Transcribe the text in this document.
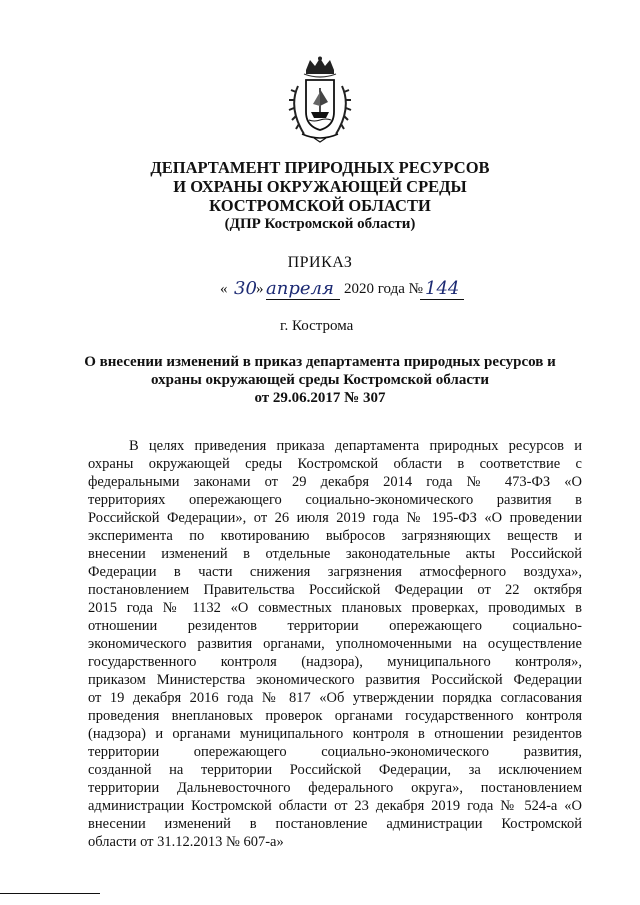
ДЕПАРТАМЕНТ ПРИРОДНЫХ РЕСУРСОВ
И ОХРАНЫ ОКРУЖАЮЩЕЙ СРЕДЫ
КОСТРОМСКОЙ ОБЛАСТИ
(ДПР Костромской области)
ПРИКАЗ
« 30 » апреля 2020 года № 144
г. Кострома
О внесении изменений в приказ департамента природных ресурсов и
охраны окружающей среды Костромской области
от 29.06.2017 № 307
В целях приведения приказа департамента природных ресурсов и
охраны окружающей среды Костромской области в соответствие с
федеральными законами от 29 декабря 2014 года № 473-ФЗ «О
территориях опережающего социально-экономического развития в
Российской Федерации», от 26 июля 2019 года № 195-ФЗ «О проведении
эксперимента по квотированию выбросов загрязняющих веществ и
внесении изменений в отдельные законодательные акты Российской
Федерации в части снижения загрязнения атмосферного воздуха»,
постановлением Правительства Российской Федерации от 22 октября
2015 года № 1132 «О совместных плановых проверках, проводимых в
отношении резидентов территории опережающего социально-
экономического развития органами, уполномоченными на осуществление
государственного контроля (надзора), муниципального контроля»,
приказом Министерства экономического развития Российской Федерации
от 19 декабря 2016 года № 817 «Об утверждении порядка согласования
проведения внеплановых проверок органами государственного контроля
(надзора) и органами муниципального контроля в отношении резидентов
территории опережающего социально-экономического развития,
созданной на территории Российской Федерации, за исключением
территории Дальневосточного федерального округа», постановлением
администрации Костромской области от 23 декабря 2019 года № 524-а «О
внесении изменений в постановление администрации Костромской
области от 31.12.2013 № 607-а»
